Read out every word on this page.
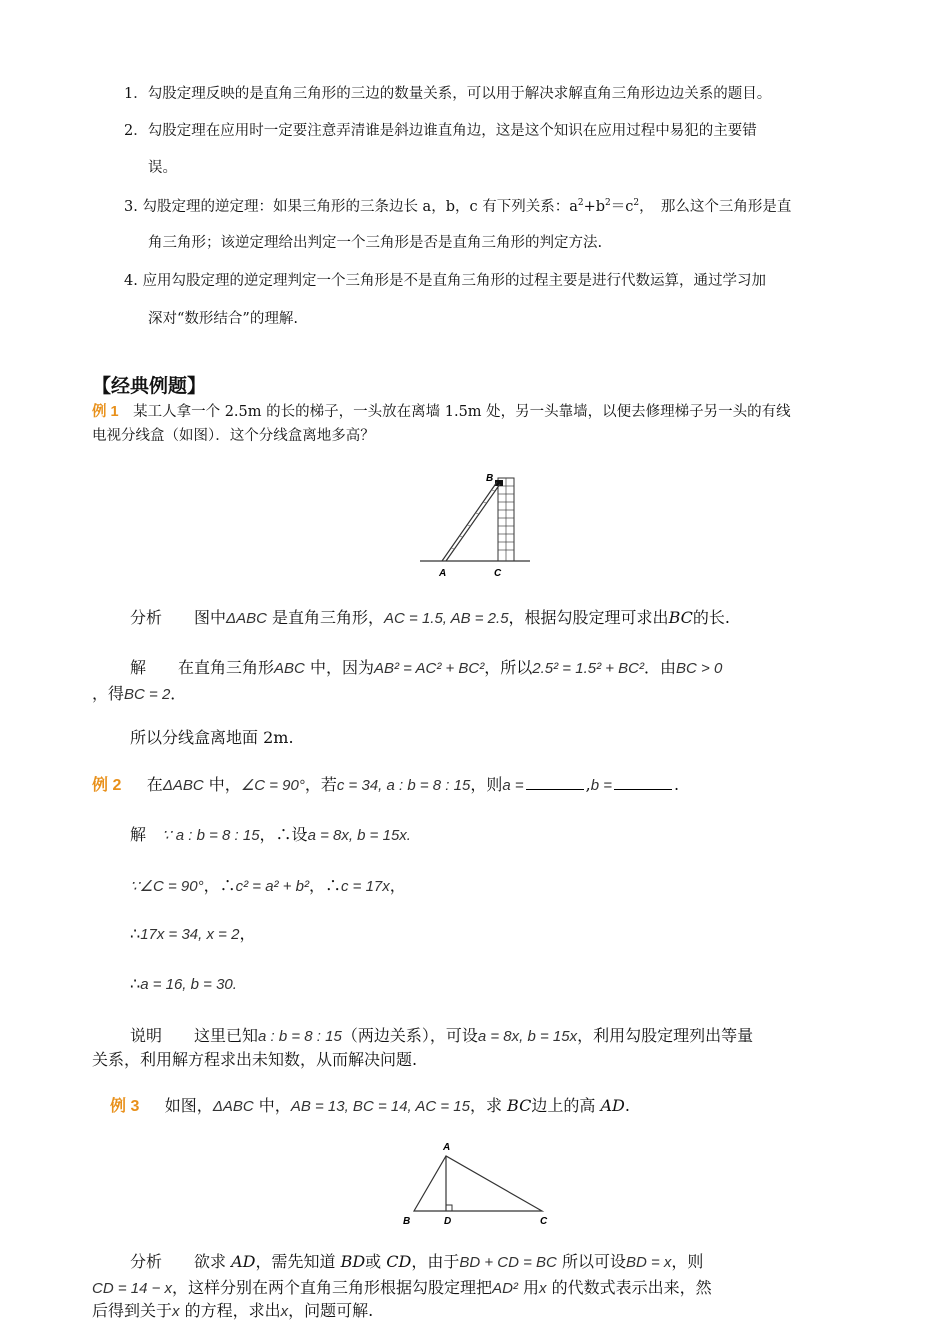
1．勾股定理反映的是直角三角形的三边的数量关系，可以用于解决求解直角三角形边边关系的题目。
2．勾股定理在应用时一定要注意弄清谁是斜边谁直角边，这是这个知识在应用过程中易犯的主要错
误。
3. 勾股定理的逆定理：如果三角形的三条边长 a，b，c 有下列关系：$a^2+b^2=c^2$，　那么这个三角形是直
角三角形；该逆定理给出判定一个三角形是否是直角三角形的判定方法.
4. 应用勾股定理的逆定理判定一个三角形是不是直角三角形的过程主要是进行代数运算，通过学习加
深对“数形结合”的理解.
【经典例题】
例 1　某工人拿一个 2.5m 的长的梯子，一头放在离墙 1.5m 处，另一头靠墙，以便去修理梯子另一头的有线
电视分线盒（如图）．这个分线盒离地多高？
B
A	C
分析　　图中ΔABC 是直角三角形，AC = 1.5, AB = 2.5，根据勾股定理可求出BC的长.
解　　在直角三角形ABC 中，因为AB² = AC² + BC²，所以2.5² = 1.5² + BC²．由BC > 0
，得BC = 2．
所以分线盒离地面 2m.
例 2 在ΔABC 中，∠C = 90°，若c = 34, a : b = 8 : 15，则a =	,b =	.
解　∵ a : b = 8 : 15，∴设a = 8x, b = 15x.
∵∠C = 90°，∴c² = a² + b²，∴c = 17x，
∴17x = 34, x = 2，
∴a = 16, b = 30.
说明　　这里已知a : b = 8 : 15（两边关系），可设a = 8x, b = 15x，利用勾股定理列出等量
关系，利用解方程求出未知数，从而解决问题.
例 3 如图，ΔABC 中，AB = 13, BC = 14, AC = 15，求 BC边上的高 AD.
A
B	D	C
分析　　欲求 AD，需先知道 BD或 CD，由于BD + CD = BC 所以可设BD = x，则
CD = 14 − x，这样分别在两个直角三角形根据勾股定理把AD² 用x 的代数式表示出来，然
后得到关于x 的方程，求出x，问题可解.
